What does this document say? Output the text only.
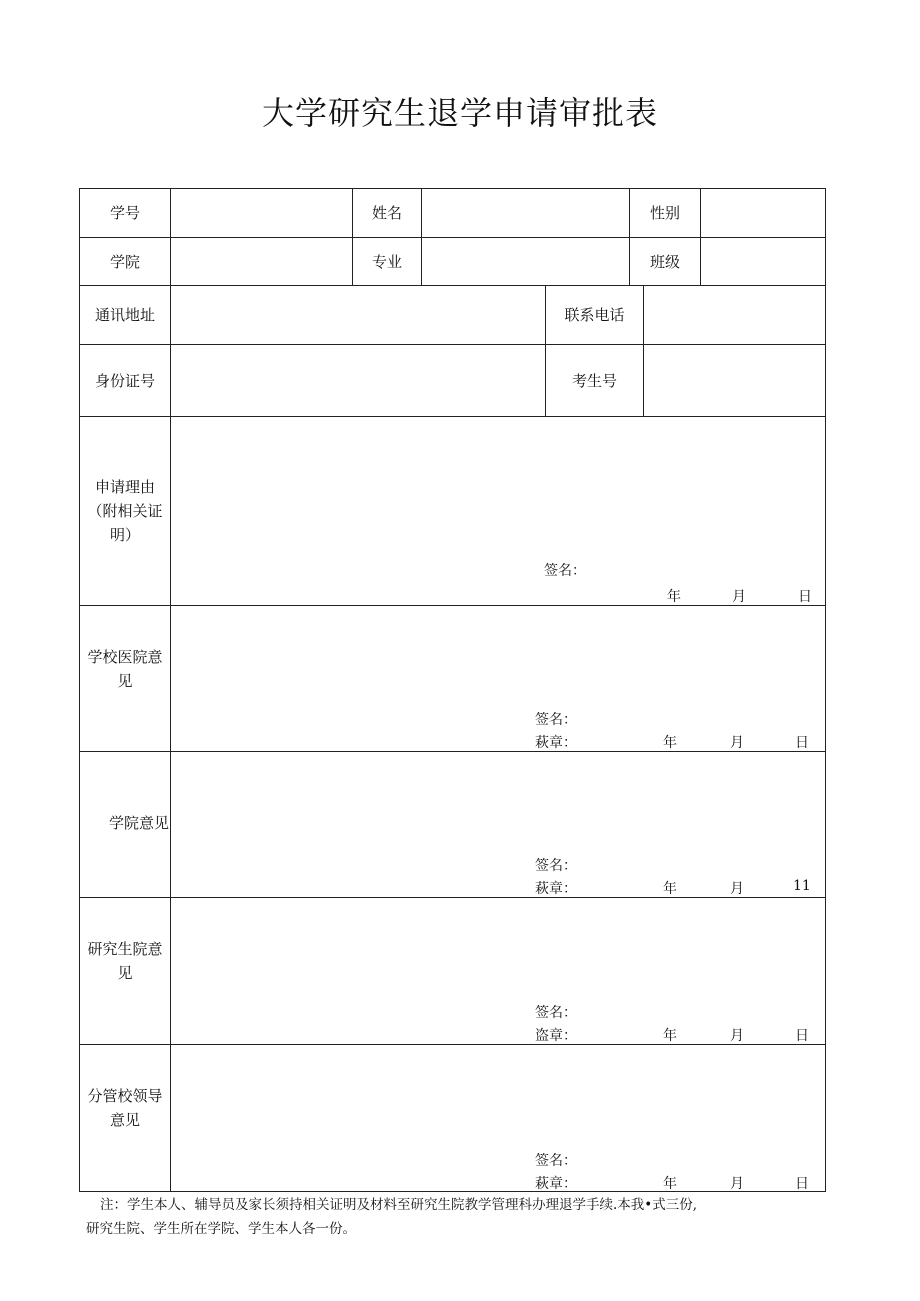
大学研究生退学申请审批表
学号	姓名	性别
学院	专业	班级
通讯地址	联系电话
身份证号	考生号
申请理由
（附相关证
明）
签名：
年	月	日
学校医院意
见
签名：
萩章：	年	月	日
学院意见
签名：
萩章：	年	月	11
研究生院意
见
签名：
盗章：	年	月	日
分管校领导
意见
签名：
萩章：	年	月	日
注：学生本人、辅导员及家长须持相关证明及材料至研究生院教学管理科办理退学手续.本我•式三份,
研究生院、学生所在学院、学生本人各一份。
